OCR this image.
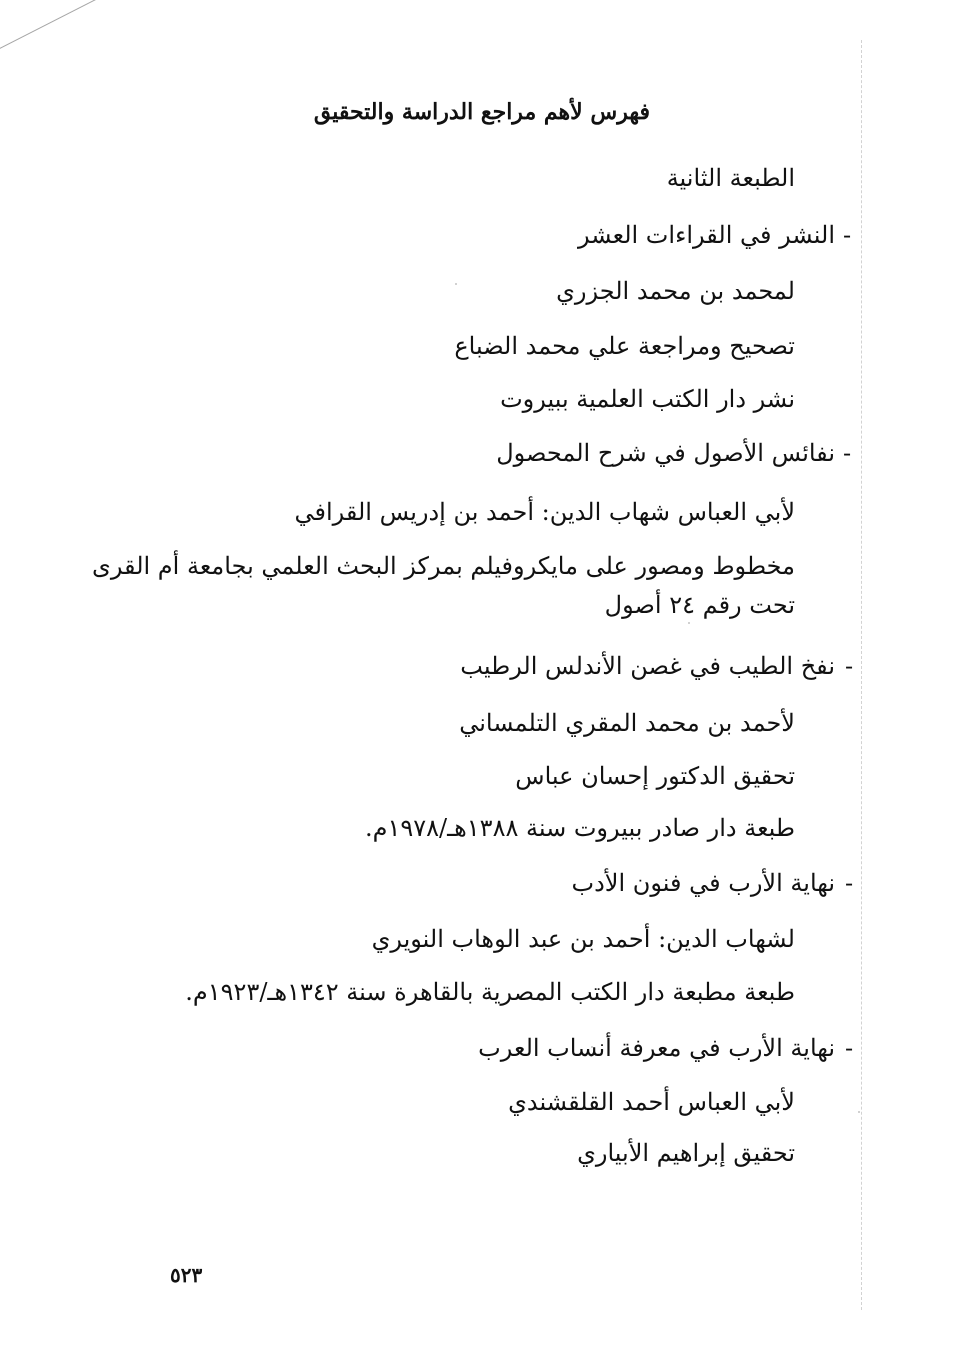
فهرس لأهم مراجع الدراسة والتحقيق
الطبعة الثانية
-
النشر في القراءات العشر
لمحمد بن محمد الجزري
تصحيح ومراجعة علي محمد الضباع
نشر دار الكتب العلمية ببيروت
-
نفائس الأصول في شرح المحصول
لأبي العباس شهاب الدين: أحمد بن إدريس القرافي
مخطوط ومصور على مايكروفيلم بمركز البحث العلمي بجامعة أم القرى
تحت رقم ٢٤ أصول
-
نفخ الطيب في غصن الأندلس الرطيب
لأحمد بن محمد المقري التلمساني
تحقيق الدكتور إحسان عباس
طبعة دار صادر ببيروت سنة ١٣٨٨هـ/١٩٧٨م.
-
نهاية الأرب في فنون الأدب
لشهاب الدين: أحمد بن عبد الوهاب النويري
طبعة مطبعة دار الكتب المصرية بالقاهرة سنة ١٣٤٢هـ/١٩٢٣م.
-
نهاية الأرب في معرفة أنساب العرب
لأبي العباس أحمد القلقشندي
تحقيق إبراهيم الأبياري
٥٢٣
